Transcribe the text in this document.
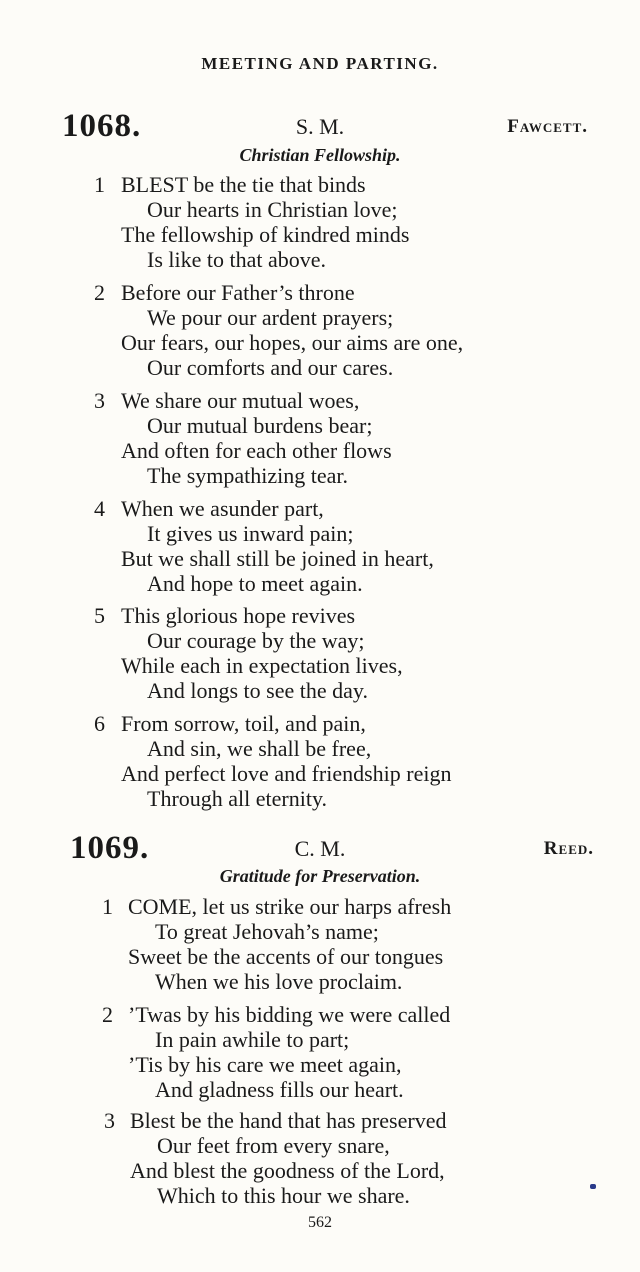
MEETING AND PARTING.
1068.	S. M.	Fawcett.
Christian Fellowship.
1 BLEST be the tie that binds
Our hearts in Christian love;
The fellowship of kindred minds
Is like to that above.
2 Before our Father’s throne
We pour our ardent prayers;
Our fears, our hopes, our aims are one,
Our comforts and our cares.
3 We share our mutual woes,
Our mutual burdens bear;
And often for each other flows
The sympathizing tear.
4 When we asunder part,
It gives us inward pain;
But we shall still be joined in heart,
And hope to meet again.
5 This glorious hope revives
Our courage by the way;
While each in expectation lives,
And longs to see the day.
6 From sorrow, toil, and pain,
And sin, we shall be free,
And perfect love and friendship reign
Through all eternity.
1069.	C. M.	Reed.
Gratitude for Preservation.
1 COME, let us strike our harps afresh
To great Jehovah’s name;
Sweet be the accents of our tongues
When we his love proclaim.
2 ’Twas by his bidding we were called
In pain awhile to part;
’Tis by his care we meet again,
And gladness fills our heart.
3 Blest be the hand that has preserved
Our feet from every snare,
And blest the goodness of the Lord,
Which to this hour we share.
562
